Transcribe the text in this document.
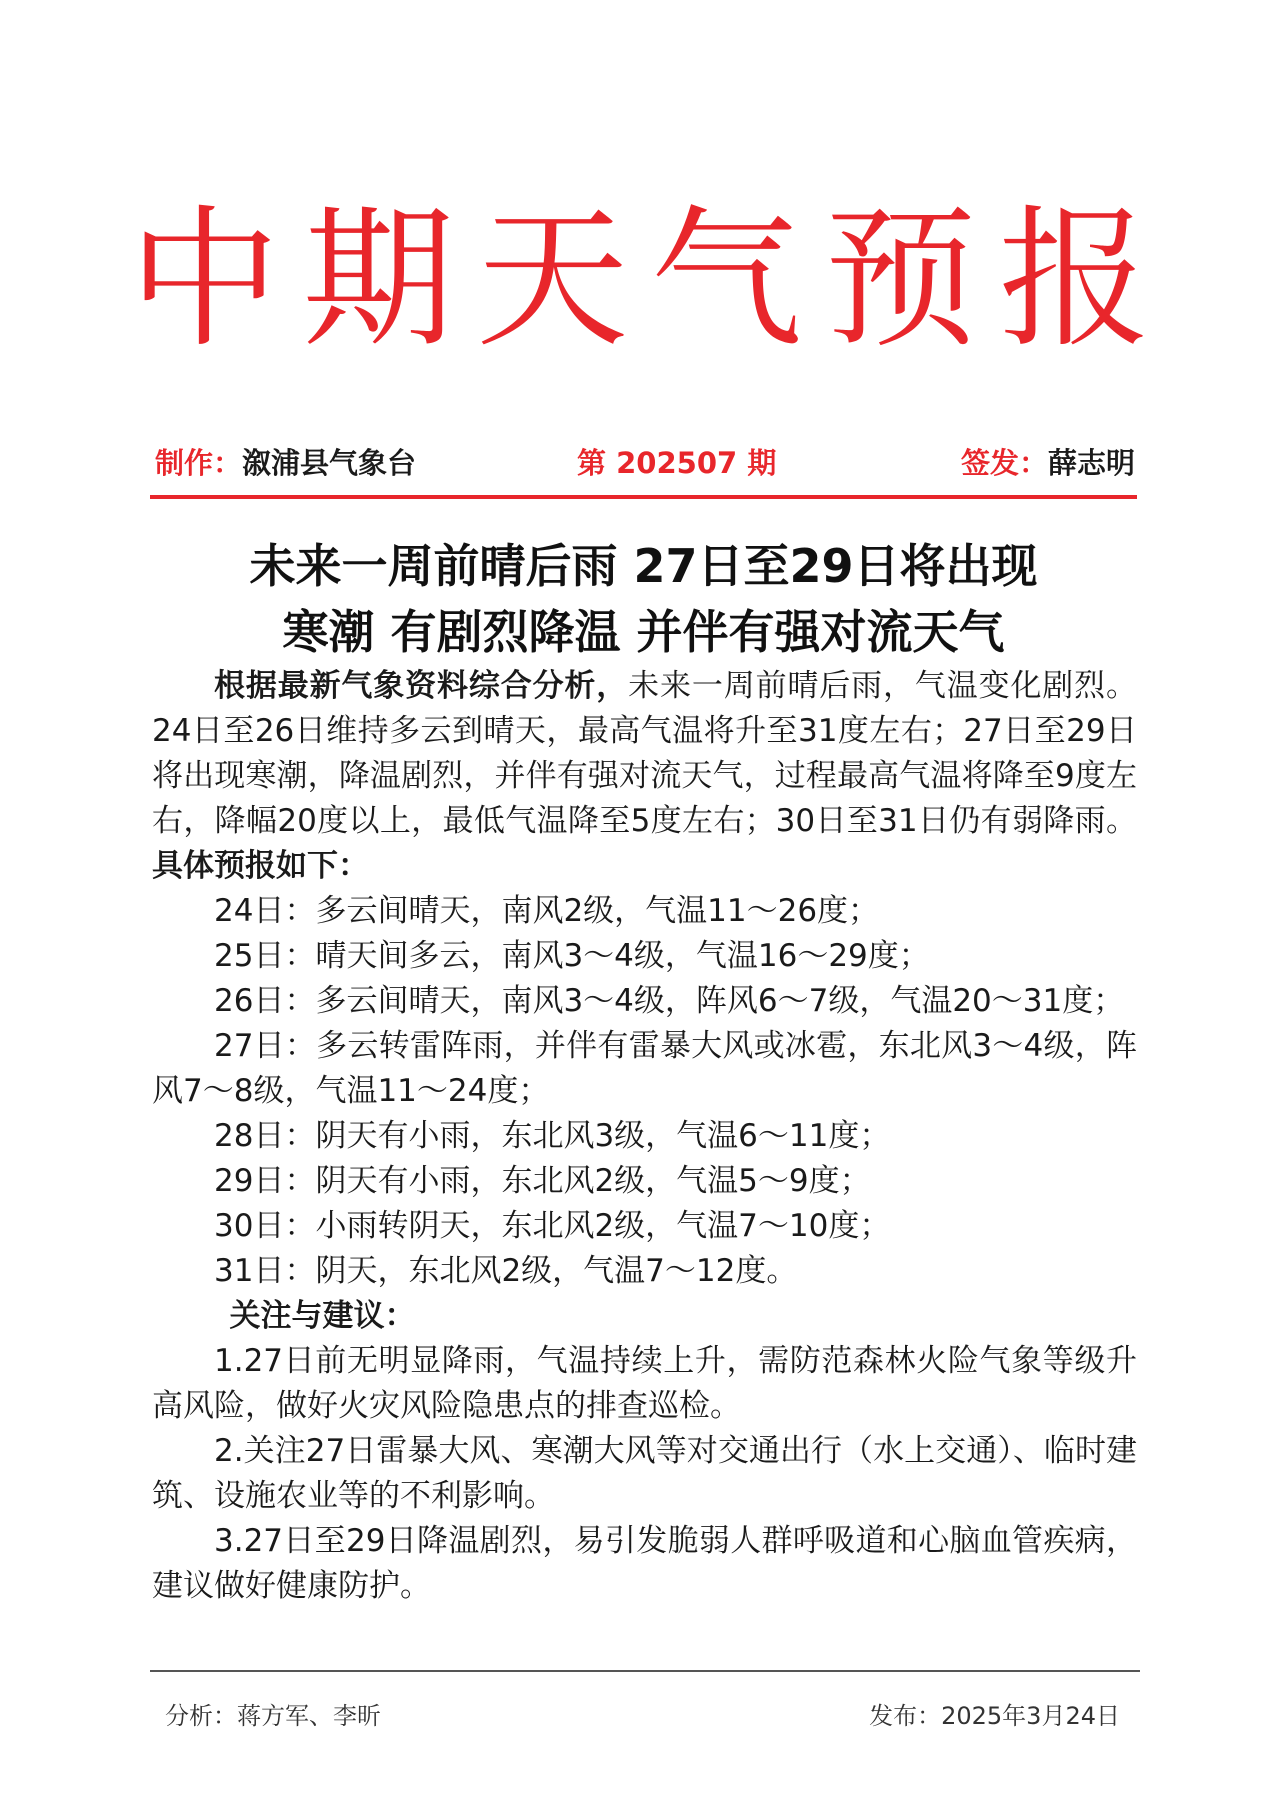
中期天气预报
制作：溆浦县气象台	第 202507 期	签发：薛志明
未来一周前晴后雨 27日至29日将出现
寒潮 有剧烈降温 并伴有强对流天气

根据最新气象资料综合分析，未来一周前晴后雨，气温变化剧烈。24日至26日维持多云到晴天，最高气温将升至31度左右；27日至29日将出现寒潮，降温剧烈，并伴有强对流天气，过程最高气温将降至9度左右，降幅20度以上，最低气温降至5度左右；30日至31日仍有弱降雨。具体预报如下：

24日：多云间晴天，南风2级，气温11～26度；

25日：晴天间多云，南风3～4级，气温16～29度；

26日：多云间晴天，南风3～4级，阵风6～7级，气温20～31度；

27日：多云转雷阵雨，并伴有雷暴大风或冰雹，东北风3～4级，阵风7～8级，气温11～24度；

28日：阴天有小雨，东北风3级，气温6～11度；

29日：阴天有小雨，东北风2级，气温5～9度；

30日：小雨转阴天，东北风2级，气温7～10度；

31日：阴天，东北风2级，气温7～12度。

关注与建议：

1.27日前无明显降雨，气温持续上升，需防范森林火险气象等级升高风险，做好火灾风险隐患点的排查巡检。

2.关注27日雷暴大风、寒潮大风等对交通出行（水上交通）、临时建筑、设施农业等的不利影响。

3.27日至29日降温剧烈，易引发脆弱人群呼吸道和心脑血管疾病，建议做好健康防护。

分析：蒋方军、李昕	发布：2025年3月24日
